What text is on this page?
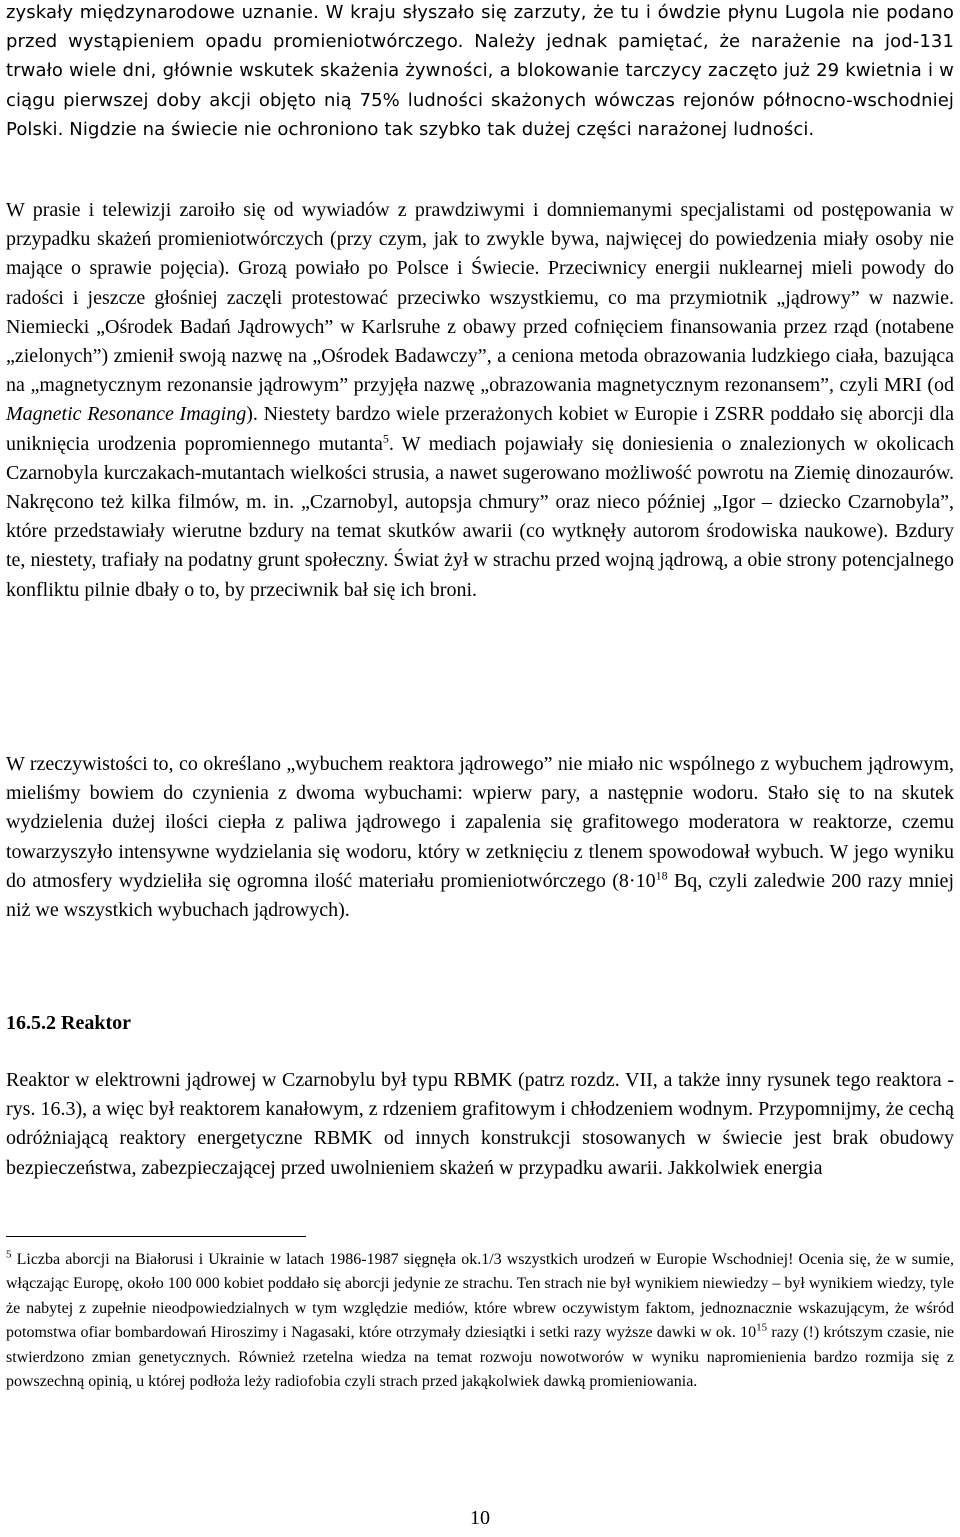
zyskały międzynarodowe uznanie. W kraju słyszało się zarzuty, że tu i ówdzie płynu Lugola nie podano przed wystąpieniem opadu promieniotwórczego. Należy jednak pamiętać, że narażenie na jod-131 trwało wiele dni, głównie wskutek skażenia żywności, a blokowanie tarczycy zaczęto już 29 kwietnia i w ciągu pierwszej doby akcji objęto nią 75% ludności skażonych wówczas rejonów północno-wschodniej Polski. Nigdzie na świecie nie ochroniono tak szybko tak dużej części narażonej ludności.

W prasie i telewizji zaroiło się od wywiadów z prawdziwymi i domniemanymi specjalistami od postępowania w przypadku skażeń promieniotwórczych (przy czym, jak to zwykle bywa, najwięcej do powiedzenia miały osoby nie mające o sprawie pojęcia). Grozą powiało po Polsce i Świecie. Przeciwnicy energii nuklearnej mieli powody do radości i jeszcze głośniej zaczęli protestować przeciwko wszystkiemu, co ma przymiotnik „jądrowy” w nazwie. Niemiecki „Ośrodek Badań Jądrowych” w Karlsruhe z obawy przed cofnięciem finansowania przez rząd (notabene „zielonych”) zmienił swoją nazwę na „Ośrodek Badawczy”, a ceniona metoda obrazowania ludzkiego ciała, bazująca na „magnetycznym rezonansie jądrowym” przyjęła nazwę „obrazowania magnetycznym rezonansem”, czyli MRI (od Magnetic Resonance Imaging). Niestety bardzo wiele przerażonych kobiet w Europie i ZSRR poddało się aborcji dla uniknięcia urodzenia popromiennego mutanta$^5$. W mediach pojawiały się doniesienia o znalezionych w okolicach Czarnobyla kurczakach-mutantach wielkości strusia, a nawet sugerowano możliwość powrotu na Ziemię dinozaurów. Nakręcono też kilka filmów, m. in. „Czarnobyl, autopsja chmury” oraz nieco później „Igor – dziecko Czarnobyla”, które przedstawiały wierutne bzdury na temat skutków awarii (co wytknęły autorom środowiska naukowe). Bzdury te, niestety, trafiały na podatny grunt społeczny. Świat żył w strachu przed wojną jądrową, a obie strony potencjalnego konfliktu pilnie dbały o to, by przeciwnik bał się ich broni.

W rzeczywistości to, co określano „wybuchem reaktora jądrowego” nie miało nic wspólnego z wybuchem jądrowym, mieliśmy bowiem do czynienia z dwoma wybuchami: wpierw pary, a następnie wodoru. Stało się to na skutek wydzielenia dużej ilości ciepła z paliwa jądrowego i zapalenia się grafitowego moderatora w reaktorze, czemu towarzyszyło intensywne wydzielania się wodoru, który w zetknięciu z tlenem spowodował wybuch. W jego wyniku do atmosfery wydzieliła się ogromna ilość materiału promieniotwórczego ($8\cdot 10^{18}$ Bq, czyli zaledwie 200 razy mniej niż we wszystkich wybuchach jądrowych).

16.5.2 Reaktor

Reaktor w elektrowni jądrowej w Czarnobylu był typu RBMK (patrz rozdz. VII, a także inny rysunek tego reaktora - rys. 16.3), a więc był reaktorem kanałowym, z rdzeniem grafitowym i chłodzeniem wodnym. Przypomnijmy, że cechą odróżniającą reaktory energetyczne RBMK od innych konstrukcji stosowanych w świecie jest brak obudowy bezpieczeństwa, zabezpieczającej przed uwolnieniem skażeń w przypadku awarii. Jakkolwiek energia

$^5$ Liczba aborcji na Białorusi i Ukrainie w latach 1986-1987 sięgnęła ok.1/3 wszystkich urodzeń w Europie Wschodniej! Ocenia się, że w sumie, włączając Europę, około 100 000 kobiet poddało się aborcji jedynie ze strachu. Ten strach nie był wynikiem niewiedzy – był wynikiem wiedzy, tyle że nabytej z zupełnie nieodpowiedzialnych w tym względzie mediów, które wbrew oczywistym faktom, jednoznacznie wskazującym, że wśród potomstwa ofiar bombardowań Hiroszimy i Nagasaki, które otrzymały dziesiątki i setki razy wyższe dawki w ok. $10^{15}$ razy (!) krótszym czasie, nie stwierdzono zmian genetycznych. Również rzetelna wiedza na temat rozwoju nowotworów w wyniku napromienienia bardzo rozmija się z powszechną opinią, u której podłoża leży radiofobia czyli strach przed jakąkolwiek dawką promieniowania.

10
